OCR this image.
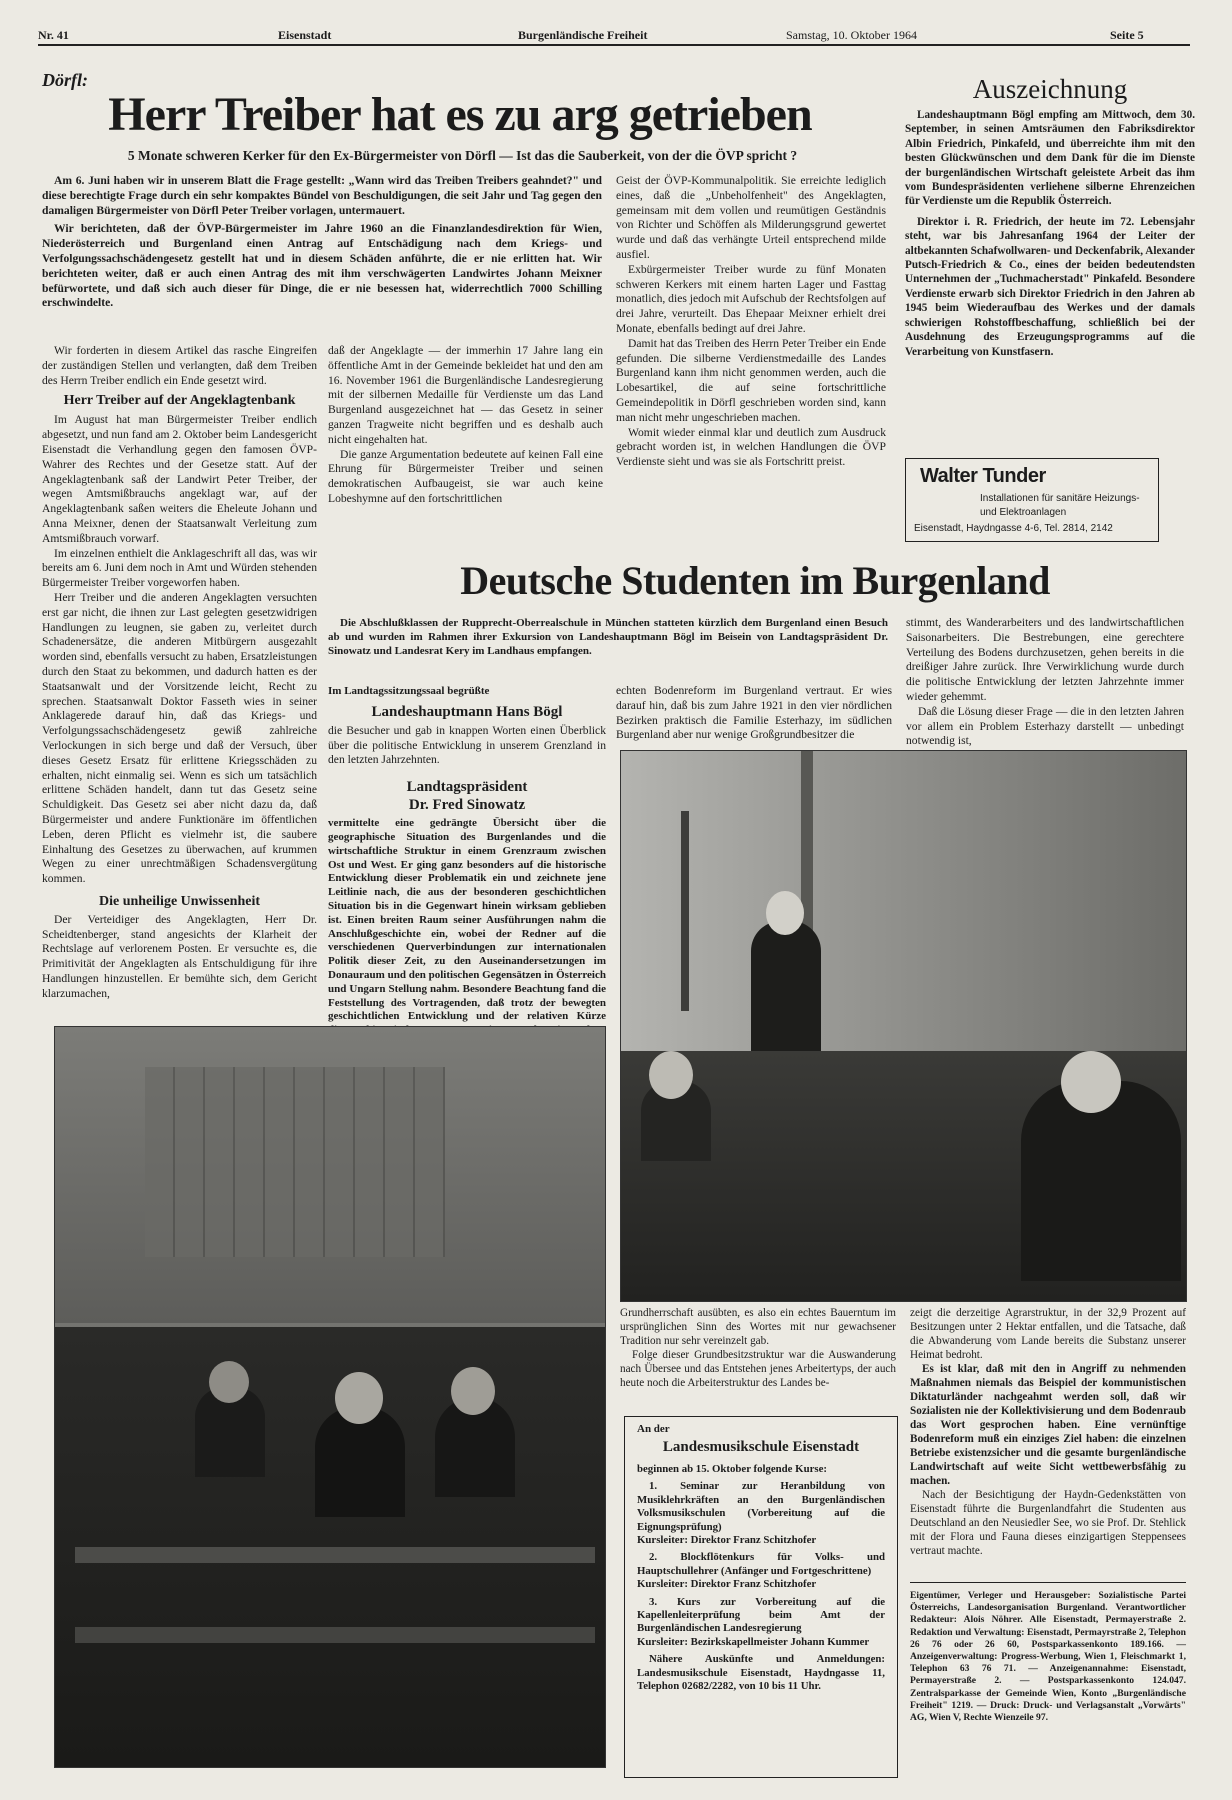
Nr. 41	Eisenstadt	Burgenländische Freiheit	Samstag, 10. Oktober 1964	Seite 5
Dörfl:
Herr Treiber hat es zu arg getrieben
5 Monate schweren Kerker für den Ex-Bürgermeister von Dörfl — Ist das die Sauberkeit, von der die ÖVP spricht ?

Am 6. Juni haben wir in unserem Blatt die Frage gestellt: „Wann wird das Treiben Treibers geahndet?" und diese berechtigte Frage durch ein sehr kompaktes Bündel von Beschuldigungen, die seit Jahr und Tag gegen den damaligen Bürgermeister von Dörfl Peter Treiber vorlagen, untermauert.

Wir berichteten, daß der ÖVP-Bürgermeister im Jahre 1960 an die Finanzlandesdirektion für Wien, Niederösterreich und Burgenland einen Antrag auf Entschädigung nach dem Kriegs- und Verfolgungssachschädengesetz gestellt hat und in diesem Schäden anführte, die er nie erlitten hat. Wir berichteten weiter, daß er auch einen Antrag des mit ihm verschwägerten Landwirtes Johann Meixner befürwortete, und daß sich auch dieser für Dinge, die er nie besessen hat, widerrechtlich 7000 Schilling erschwindelte.

Geist der ÖVP-Kommunalpolitik. Sie erreichte lediglich eines, daß die „Unbeholfenheit" des Angeklagten, gemeinsam mit dem vollen und reumütigen Geständnis von Richter und Schöffen als Milderungsgrund gewertet wurde und daß das verhängte Urteil entsprechend milde ausfiel.

Exbürgermeister Treiber wurde zu fünf Monaten schweren Kerkers mit einem harten Lager und Fasttag monatlich, dies jedoch mit Aufschub der Rechtsfolgen auf drei Jahre, verurteilt. Das Ehepaar Meixner erhielt drei Monate, ebenfalls bedingt auf drei Jahre.

Damit hat das Treiben des Herrn Peter Treiber ein Ende gefunden. Die silberne Verdienstmedaille des Landes Burgenland kann ihm nicht genommen werden, auch die Lobesartikel, die auf seine fortschrittliche Gemeindepolitik in Dörfl geschrieben worden sind, kann man nicht mehr ungeschrieben machen.

Womit wieder einmal klar und deutlich zum Ausdruck gebracht worden ist, in welchen Handlungen die ÖVP Verdienste sieht und was sie als Fortschritt preist.

Wir forderten in diesem Artikel das rasche Eingreifen der zuständigen Stellen und verlangten, daß dem Treiben des Herrn Treiber endlich ein Ende gesetzt wird.

Herr Treiber auf der Angeklagtenbank

Im August hat man Bürgermeister Treiber endlich abgesetzt, und nun fand am 2. Oktober beim Landesgericht Eisenstadt die Verhandlung gegen den famosen ÖVP-Wahrer des Rechtes und der Gesetze statt. Auf der Angeklagtenbank saß der Landwirt Peter Treiber, der wegen Amtsmißbrauchs angeklagt war, auf der Angeklagtenbank saßen weiters die Eheleute Johann und Anna Meixner, denen der Staatsanwalt Verleitung zum Amtsmißbrauch vorwarf.

Im einzelnen enthielt die Anklageschrift all das, was wir bereits am 6. Juni dem noch in Amt und Würden stehenden Bürgermeister Treiber vorgeworfen haben.

Herr Treiber und die anderen Angeklagten versuchten erst gar nicht, die ihnen zur Last gelegten gesetzwidrigen Handlungen zu leugnen, sie gaben zu, verleitet durch Schadenersätze, die anderen Mitbürgern ausgezahlt worden sind, ebenfalls versucht zu haben, Ersatzleistungen durch den Staat zu bekommen, und dadurch hatten es der Staatsanwalt und der Vorsitzende leicht, Recht zu sprechen. Staatsanwalt Doktor Fasseth wies in seiner Anklagerede darauf hin, daß das Kriegs- und Verfolgungssachschädengesetz gewiß zahlreiche Verlockungen in sich berge und daß der Versuch, über dieses Gesetz Ersatz für erlittene Kriegsschäden zu erhalten, nicht einmalig sei. Wenn es sich um tatsächlich erlittene Schäden handelt, dann tut das Gesetz seine Schuldigkeit. Das Gesetz sei aber nicht dazu da, daß Bürgermeister und andere Funktionäre im öffentlichen Leben, deren Pflicht es vielmehr ist, die saubere Einhaltung des Gesetzes zu überwachen, auf krummen Wegen zu einer unrechtmäßigen Schadensvergütung kommen.

Die unheilige Unwissenheit

Der Verteidiger des Angeklagten, Herr Dr. Scheidtenberger, stand angesichts der Klarheit der Rechtslage auf verlorenem Posten. Er versuchte es, die Primitivität der Angeklagten als Entschuldigung für ihre Handlungen hinzustellen. Er bemühte sich, dem Gericht klarzumachen,

daß der Angeklagte — der immerhin 17 Jahre lang ein öffentliche Amt in der Gemeinde bekleidet hat und den am 16. November 1961 die Burgenländische Landesregierung mit der silbernen Medaille für Verdienste um das Land Burgenland ausgezeichnet hat — das Gesetz in seiner ganzen Tragweite nicht begriffen und es deshalb auch nicht eingehalten hat.

Die ganze Argumentation bedeutete auf keinen Fall eine Ehrung für Bürgermeister Treiber und seinen demokratischen Aufbaugeist, sie war auch keine Lobeshymne auf den fortschrittlichen

Auszeichnung

Landeshauptmann Bögl empfing am Mittwoch, dem 30. September, in seinen Amtsräumen den Fabriksdirektor Albin Friedrich, Pinkafeld, und überreichte ihm mit den besten Glückwünschen und dem Dank für die im Dienste der burgenländischen Wirtschaft geleistete Arbeit das ihm vom Bundespräsidenten verliehene silberne Ehrenzeichen für Verdienste um die Republik Österreich.

Direktor i. R. Friedrich, der heute im 72. Lebensjahr steht, war bis Jahresanfang 1964 der Leiter der altbekannten Schafwollwaren- und Deckenfabrik, Alexander Putsch-Friedrich & Co., eines der beiden bedeutendsten Unternehmen der „Tuchmacherstadt" Pinkafeld. Besondere Verdienste erwarb sich Direktor Friedrich in den Jahren ab 1945 beim Wiederaufbau des Werkes und der damals schwierigen Rohstoffbeschaffung, schließlich bei der Ausdehnung des Erzeugungsprogramms auf die Verarbeitung von Kunstfasern.

Walter Tunder
Installationen für sanitäre Heizungs-
und Elektroanlagen
Eisenstadt, Haydngasse 4-6, Tel. 2814, 2142
Deutsche Studenten im Burgenland
Die Abschlußklassen der Rupprecht-Oberrealschule in München statteten kürzlich dem Burgenland einen Besuch ab und wurden im Rahmen ihrer Exkursion von Landeshauptmann Bögl im Beisein von Landtagspräsident Dr. Sinowatz und Landesrat Kery im Landhaus empfangen.
Im Landtagssitzungssaal begrüßte
Landeshauptmann Hans Bögl

die Besucher und gab in knappen Worten einen Überblick über die politische Entwicklung in unserem Grenzland in den letzten Jahrzehnten.

Landtagspräsident
Dr. Fred Sinowatz

vermittelte eine gedrängte Übersicht über die geographische Situation des Burgenlandes und die wirtschaftliche Struktur in einem Grenzraum zwischen Ost und West. Er ging ganz besonders auf die historische Entwicklung dieser Problematik ein und zeichnete jene Leitlinie nach, die aus der besonderen geschichtlichen Situation bis in die Gegenwart hinein wirksam geblieben ist. Einen breiten Raum seiner Ausführungen nahm die Anschlußgeschichte ein, wobei der Redner auf die verschiedenen Querverbindungen zur internationalen Politik dieser Zeit, zu den Auseinandersetzungen im Donauraum und den politischen Gegensätzen in Österreich und Ungarn Stellung nahm. Besondere Beachtung fand die Feststellung des Vortragenden, daß trotz der bewegten geschichtlichen Entwicklung und der relativen Kürze

echten Bodenreform im Burgenland vertraut. Er wies darauf hin, daß bis zum Jahre 1921 in den vier nördlichen Bezirken praktisch die Familie Esterhazy, im südlichen Burgenland aber nur wenige Großgrundbesitzer die

stimmt, des Wanderarbeiters und des landwirtschaftlichen Saisonarbeiters. Die Bestrebungen, eine gerechtere Verteilung des Bodens durchzusetzen, gehen bereits in die dreißiger Jahre zurück. Ihre Verwirklichung wurde durch die politische Entwicklung der letzten Jahrzehnte immer wieder gehemmt.

Daß die Lösung dieser Frage — die in den letzten Jahren vor allem ein Problem Esterhazy darstellt — unbedingt notwendig ist,

Grundherrschaft ausübten, es also ein echtes Bauerntum im ursprünglichen Sinn des Wortes mit nur gewachsener Tradition nur sehr vereinzelt gab.

Folge dieser Grundbesitzstruktur war die Auswanderung nach Übersee und das Entstehen jenes Arbeitertyps, der auch heute noch die Arbeiterstruktur des Landes be-

zeigt die derzeitige Agrarstruktur, in der 32,9 Prozent auf Besitzungen unter 2 Hektar entfallen, und die Tatsache, daß die Abwanderung vom Lande bereits die Substanz unserer Heimat bedroht.

Es ist klar, daß mit den in Angriff zu nehmenden Maßnahmen niemals das Beispiel der kommunistischen Diktaturländer nachgeahmt werden soll, daß wir Sozialisten nie der Kollektivisierung und dem Bodenraub das Wort gesprochen haben. Eine vernünftige Bodenreform muß ein einziges Ziel haben: die einzelnen Betriebe existenzsicher und die gesamte burgenländische Landwirtschaft auf weite Sicht wettbewerbsfähig zu machen.

Nach der Besichtigung der Haydn-Gedenkstätten von Eisenstadt führte die Burgenlandfahrt die Studenten aus Deutschland an den Neusiedler See, wo sie Prof. Dr. Stehlick mit der Flora und Fauna dieses einzigartigen Steppensees vertraut machte.

An der
Landesmusikschule Eisenstadt
beginnen ab 15. Oktober folgende Kurse:

1. Seminar zur Heranbildung von Musiklehrkräften an den Burgenländischen Volksmusikschulen (Vorbereitung auf die Eignungsprüfung)

Kursleiter: Direktor Franz Schitzhofer

2. Blockflötenkurs für Volks- und Hauptschullehrer (Anfänger und Fortgeschrittene)

Kursleiter: Direktor Franz Schitzhofer

3. Kurs zur Vorbereitung auf die Kapellenleiterprüfung beim Amt der Burgenländischen Landesregierung

Kursleiter: Bezirkskapellmeister Johann Kummer

Nähere Auskünfte und Anmeldungen: Landesmusikschule Eisenstadt, Haydngasse 11, Telephon 02682/2282, von 10 bis 11 Uhr.

Eigentümer, Verleger und Herausgeber: Sozialistische Partei Österreichs, Landesorganisation Burgenland. Verantwortlicher Redakteur: Alois Nöhrer. Alle Eisenstadt, Permayerstraße 2. Redaktion und Verwaltung: Eisenstadt, Permayrstraße 2, Telephon 26 76 oder 26 60, Postsparkassenkonto 189.166. — Anzeigenverwaltung: Progress-Werbung, Wien 1, Fleischmarkt 1, Telephon 63 76 71. — Anzeigenannahme: Eisenstadt, Permayerstraße 2. — Postsparkassenkonto 124.047. Zentralsparkasse der Gemeinde Wien, Konto „Burgenländische Freiheit" 1219. — Druck: Druck- und Verlagsanstalt „Vorwärts" AG, Wien V, Rechte Wienzeile 97.
